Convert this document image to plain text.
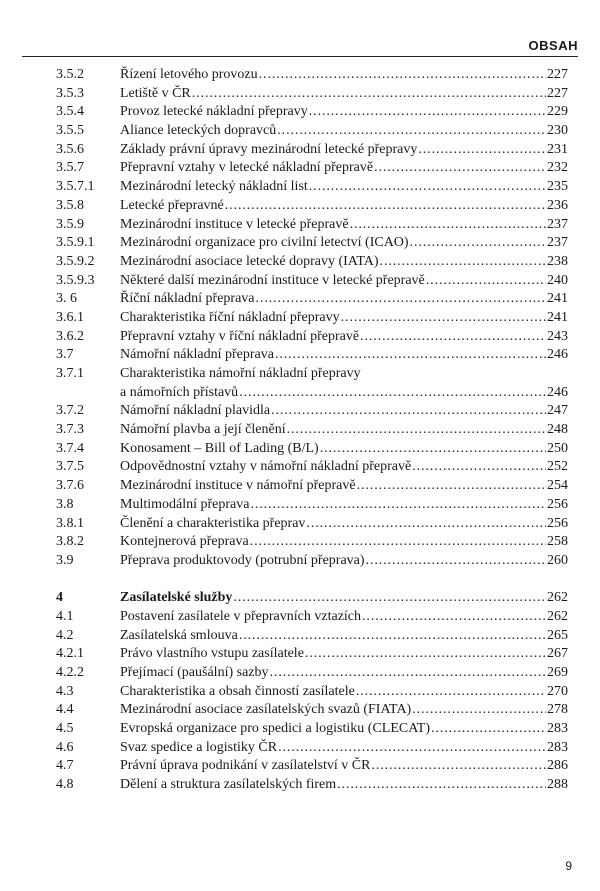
OBSAH
3.5.2	Řízení letového provozu . . .	227
3.5.3	Letiště v ČR . . .	227
3.5.4	Provoz letecké nákladní přepravy . . .	229
3.5.5	Aliance leteckých dopravců . . .	230
3.5.6	Základy právní úpravy mezinárodní letecké přepravy . . .	231
3.5.7	Přepravní vztahy v letecké nákladní přepravě . . .	232
3.5.7.1	Mezinárodní letecký nákladní list . . .	235
3.5.8	Letecké přepravné . . .	236
3.5.9	Mezinárodní instituce v letecké přepravě . . .	237
3.5.9.1	Mezinárodní organizace pro civilní letectví (ICAO) . . .	237
3.5.9.2	Mezinárodní asociace letecké dopravy (IATA) . . .	238
3.5.9.3	Některé další mezinárodní instituce v letecké přepravě . . .	240
3. 6	Říční nákladní přeprava . . .	241
3.6.1	Charakteristika říční nákladní přepravy . . .	241
3.6.2	Přepravní vztahy v říční nákladní přepravě . . .	243
3.7	Námořní nákladní přeprava . . .	246
3.7.1	Charakteristika námořní nákladní přepravy
a námořních přístavů . . .	246
3.7.2	Námořní nákladní plavidla . . .	247
3.7.3	Námořní plavba a její členění . . .	248
3.7.4	Konosament – Bill of Lading (B/L) . . .	250
3.7.5	Odpovědnostní vztahy v námořní nákladní přepravě . . .	252
3.7.6	Mezinárodní instituce v námořní přepravě . . .	254
3.8	Multimodální přeprava . . .	256
3.8.1	Členění a charakteristika přeprav . . .	256
3.8.2	Kontejnerová přeprava . . .	258
3.9	Přeprava produktovody (potrubní přeprava) . . .	260
4	Zasílatelské služby . . .	262
4.1	Postavení zasílatele v přepravních vztazích . . .	262
4.2	Zasílatelská smlouva . . .	265
4.2.1	Právo vlastního vstupu zasílatele . . .	267
4.2.2	Přejímací (paušální) sazby . . .	269
4.3	Charakteristika a obsah činností zasílatele . . .	270
4.4	Mezinárodní asociace zasílatelských svazů (FIATA) . . .	278
4.5	Evropská organizace pro spedici a logistiku (CLECAT) . . .	283
4.6	Svaz spedice a logistiky ČR . . .	283
4.7	Právní úprava podnikání v zasílatelství v ČR . . .	286
4.8	Dělení a struktura zasílatelských firem . . .	288
9
